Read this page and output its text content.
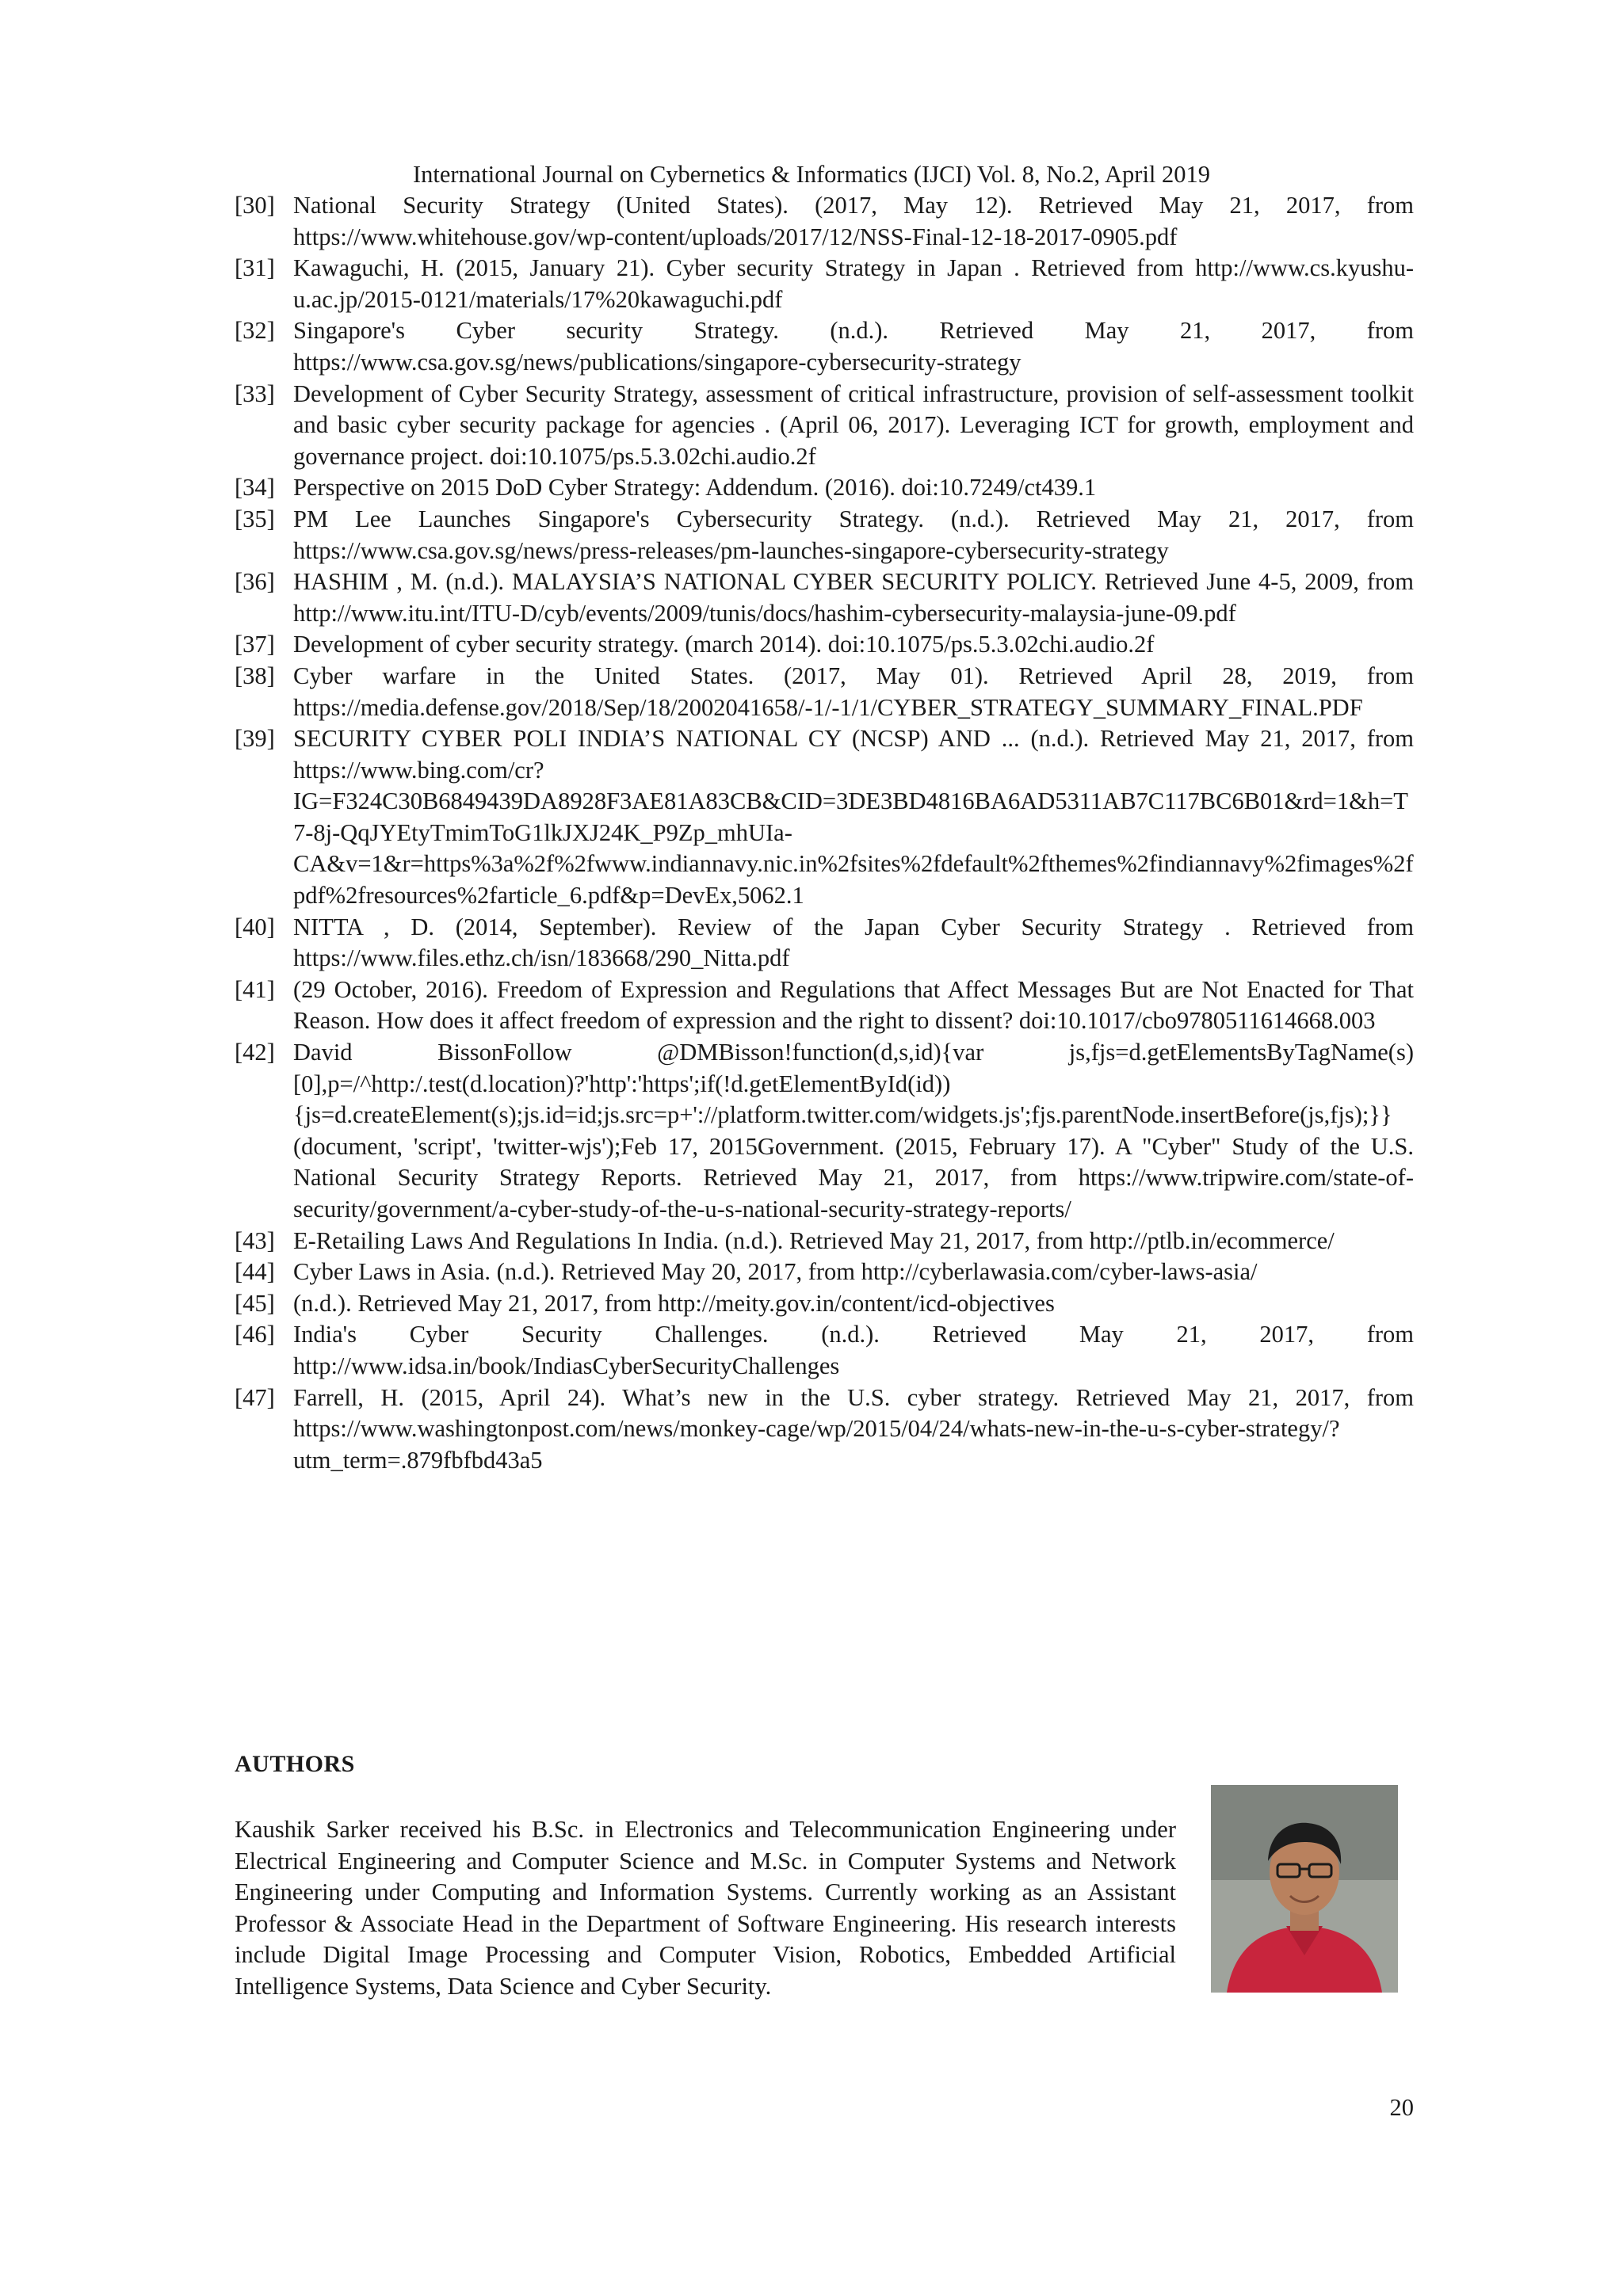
International Journal on Cybernetics & Informatics (IJCI) Vol. 8, No.2, April 2019
[30] National Security Strategy (United States). (2017, May 12). Retrieved May 21, 2017, from https://www.whitehouse.gov/wp-content/uploads/2017/12/NSS-Final-12-18-2017-0905.pdf
[31] Kawaguchi, H. (2015, January 21). Cyber security Strategy in Japan . Retrieved from http://www.cs.kyushu-u.ac.jp/2015-0121/materials/17%20kawaguchi.pdf
[32] Singapore's Cyber security Strategy. (n.d.). Retrieved May 21, 2017, from https://www.csa.gov.sg/news/publications/singapore-cybersecurity-strategy
[33] Development of Cyber Security Strategy, assessment of critical infrastructure, provision of self-assessment toolkit and basic cyber security package for agencies . (April 06, 2017). Leveraging ICT for growth, employment and governance project. doi:10.1075/ps.5.3.02chi.audio.2f
[34] Perspective on 2015 DoD Cyber Strategy: Addendum. (2016). doi:10.7249/ct439.1
[35] PM Lee Launches Singapore's Cybersecurity Strategy. (n.d.). Retrieved May 21, 2017, from https://www.csa.gov.sg/news/press-releases/pm-launches-singapore-cybersecurity-strategy
[36] HASHIM , M. (n.d.). MALAYSIA’S NATIONAL CYBER SECURITY POLICY. Retrieved June 4-5, 2009, from http://www.itu.int/ITU-D/cyb/events/2009/tunis/docs/hashim-cybersecurity-malaysia-june-09.pdf
[37] Development of cyber security strategy. (march 2014). doi:10.1075/ps.5.3.02chi.audio.2f
[38] Cyber warfare in the United States. (2017, May 01). Retrieved April 28, 2019, from https://media.defense.gov/2018/Sep/18/2002041658/-1/-1/1/CYBER_STRATEGY_SUMMARY_FINAL.PDF
[39] SECURITY CYBER POLI INDIA’S NATIONAL CY (NCSP) AND ... (n.d.). Retrieved May 21, 2017, from https://www.bing.com/cr?IG=F324C30B6849439DA8928F3AE81A83CB&CID=3DE3BD4816BA6AD5311AB7C117BC6B01&rd=1&h=T7-8j-QqJYEtyTmimToG1lkJXJ24K_P9Zp_mhUIa-CA&v=1&r=https%3a%2f%2fwww.indiannavy.nic.in%2fsites%2fdefault%2fthemes%2findiannavy%2fimages%2fpdf%2fresources%2farticle_6.pdf&p=DevEx,5062.1
[40] NITTA , D. (2014, September). Review of the Japan Cyber Security Strategy . Retrieved from https://www.files.ethz.ch/isn/183668/290_Nitta.pdf
[41] (29 October, 2016). Freedom of Expression and Regulations that Affect Messages But are Not Enacted for That Reason. How does it affect freedom of expression and the right to dissent? doi:10.1017/cbo9780511614668.003
[42] David BissonFollow @DMBisson!function(d,s,id){var js,fjs=d.getElementsByTagName(s)[0],p=/^http:/.test(d.location)?'http':'https';if(!d.getElementById(id)){js=d.createElement(s);js.id=id;js.src=p+'://platform.twitter.com/widgets.js';fjs.parentNode.insertBefore(js,fjs);}}(document, 'script', 'twitter-wjs');Feb 17, 2015Government. (2015, February 17). A "Cyber" Study of the U.S. National Security Strategy Reports. Retrieved May 21, 2017, from https://www.tripwire.com/state-of-security/government/a-cyber-study-of-the-u-s-national-security-strategy-reports/
[43] E-Retailing Laws And Regulations In India. (n.d.). Retrieved May 21, 2017, from http://ptlb.in/ecommerce/
[44] Cyber Laws in Asia. (n.d.). Retrieved May 20, 2017, from http://cyberlawasia.com/cyber-laws-asia/
[45] (n.d.). Retrieved May 21, 2017, from http://meity.gov.in/content/icd-objectives
[46] India's Cyber Security Challenges. (n.d.). Retrieved May 21, 2017, from http://www.idsa.in/book/IndiasCyberSecurityChallenges
[47] Farrell, H. (2015, April 24). What’s new in the U.S. cyber strategy. Retrieved May 21, 2017, from https://www.washingtonpost.com/news/monkey-cage/wp/2015/04/24/whats-new-in-the-u-s-cyber-strategy/?utm_term=.879fbfbd43a5
AUTHORS
Kaushik Sarker received his B.Sc. in Electronics and Telecommunication Engineering under Electrical Engineering and Computer Science and M.Sc. in Computer Systems and Network Engineering under Computing and Information Systems. Currently working as an Assistant Professor & Associate Head in the Department of Software Engineering. His research interests include Digital Image Processing and Computer Vision, Robotics, Embedded Artificial Intelligence Systems, Data Science and Cyber Security.
20
